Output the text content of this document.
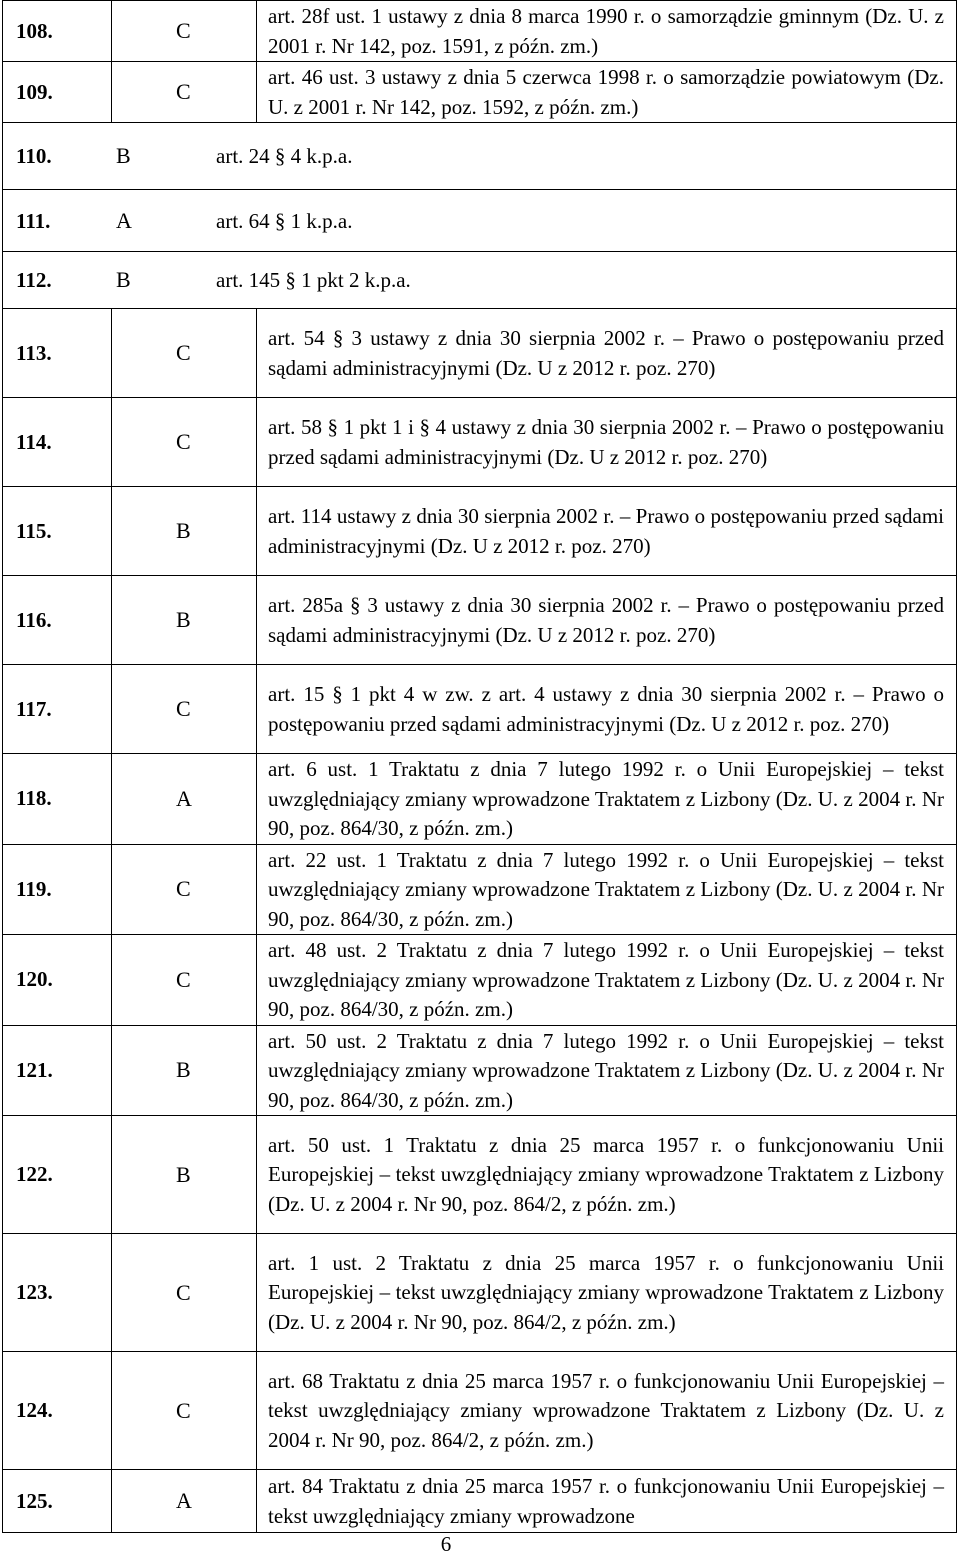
108.	C	art. 28f ust. 1 ustawy z dnia 8 marca 1990 r. o samorządzie gminnym (Dz. U. z 2001 r. Nr 142, poz. 1591, z późn. zm.)
109.	C	art. 46 ust. 3 ustawy z dnia 5 czerwca 1998 r. o samorządzie powiatowym (Dz. U. z 2001 r. Nr 142, poz. 1592, z późn. zm.)
110. B art. 24 § 4 k.p.a.		
111. A art. 64 § 1 k.p.a.		
112. B art. 145 § 1 pkt 2 k.p.a.		
113.	C	art. 54 § 3 ustawy z dnia 30 sierpnia 2002 r. – Prawo o postępowaniu przed sądami administracyjnymi (Dz. U z 2012 r. poz. 270)
114.	C	art. 58 § 1 pkt 1 i § 4 ustawy z dnia 30 sierpnia 2002 r. – Prawo o postępowaniu przed sądami administracyjnymi (Dz. U z 2012 r. poz. 270)
115.	B	art. 114 ustawy z dnia 30 sierpnia 2002 r. – Prawo o postępowaniu przed sądami administracyjnymi (Dz. U z 2012 r. poz. 270)
116.	B	art. 285a § 3 ustawy z dnia 30 sierpnia 2002 r. – Prawo o postępowaniu przed sądami administracyjnymi (Dz. U z 2012 r. poz. 270)
117.	C	art. 15 § 1 pkt 4 w zw. z art. 4 ustawy z dnia 30 sierpnia 2002 r. – Prawo o postępowaniu przed sądami administracyjnymi (Dz. U z 2012 r. poz. 270)
118.	A	art. 6 ust. 1 Traktatu z dnia 7 lutego 1992 r. o Unii Europejskiej – tekst uwzględniający zmiany wprowadzone Traktatem z Lizbony (Dz. U. z 2004 r. Nr 90, poz. 864/30, z późn. zm.)
119.	C	art. 22 ust. 1 Traktatu z dnia 7 lutego 1992 r. o Unii Europejskiej – tekst uwzględniający zmiany wprowadzone Traktatem z Lizbony (Dz. U. z 2004 r. Nr 90, poz. 864/30, z późn. zm.)
120.	C	art. 48 ust. 2 Traktatu z dnia 7 lutego 1992 r. o Unii Europejskiej – tekst uwzględniający zmiany wprowadzone Traktatem z Lizbony (Dz. U. z 2004 r. Nr 90, poz. 864/30, z późn. zm.)
121.	B	art. 50 ust. 2 Traktatu z dnia 7 lutego 1992 r. o Unii Europejskiej – tekst uwzględniający zmiany wprowadzone Traktatem z Lizbony (Dz. U. z 2004 r. Nr 90, poz. 864/30, z późn. zm.)
122.	B	art. 50 ust. 1 Traktatu z dnia 25 marca 1957 r. o funkcjonowaniu Unii Europejskiej – tekst uwzględniający zmiany wprowadzone Traktatem z Lizbony (Dz. U. z 2004 r. Nr 90, poz. 864/2, z późn. zm.)
123.	C	art. 1 ust. 2 Traktatu z dnia 25 marca 1957 r. o funkcjonowaniu Unii Europejskiej – tekst uwzględniający zmiany wprowadzone Traktatem z Lizbony (Dz. U. z 2004 r. Nr 90, poz. 864/2, z późn. zm.)
124.	C	art. 68 Traktatu z dnia 25 marca 1957 r. o funkcjonowaniu Unii Europejskiej – tekst uwzględniający zmiany wprowadzone Traktatem z Lizbony (Dz. U. z 2004 r. Nr 90, poz. 864/2, z późn. zm.)
125.	A	art. 84 Traktatu z dnia 25 marca 1957 r. o funkcjonowaniu Unii Europejskiej – tekst uwzględniający zmiany wprowadzone
6
